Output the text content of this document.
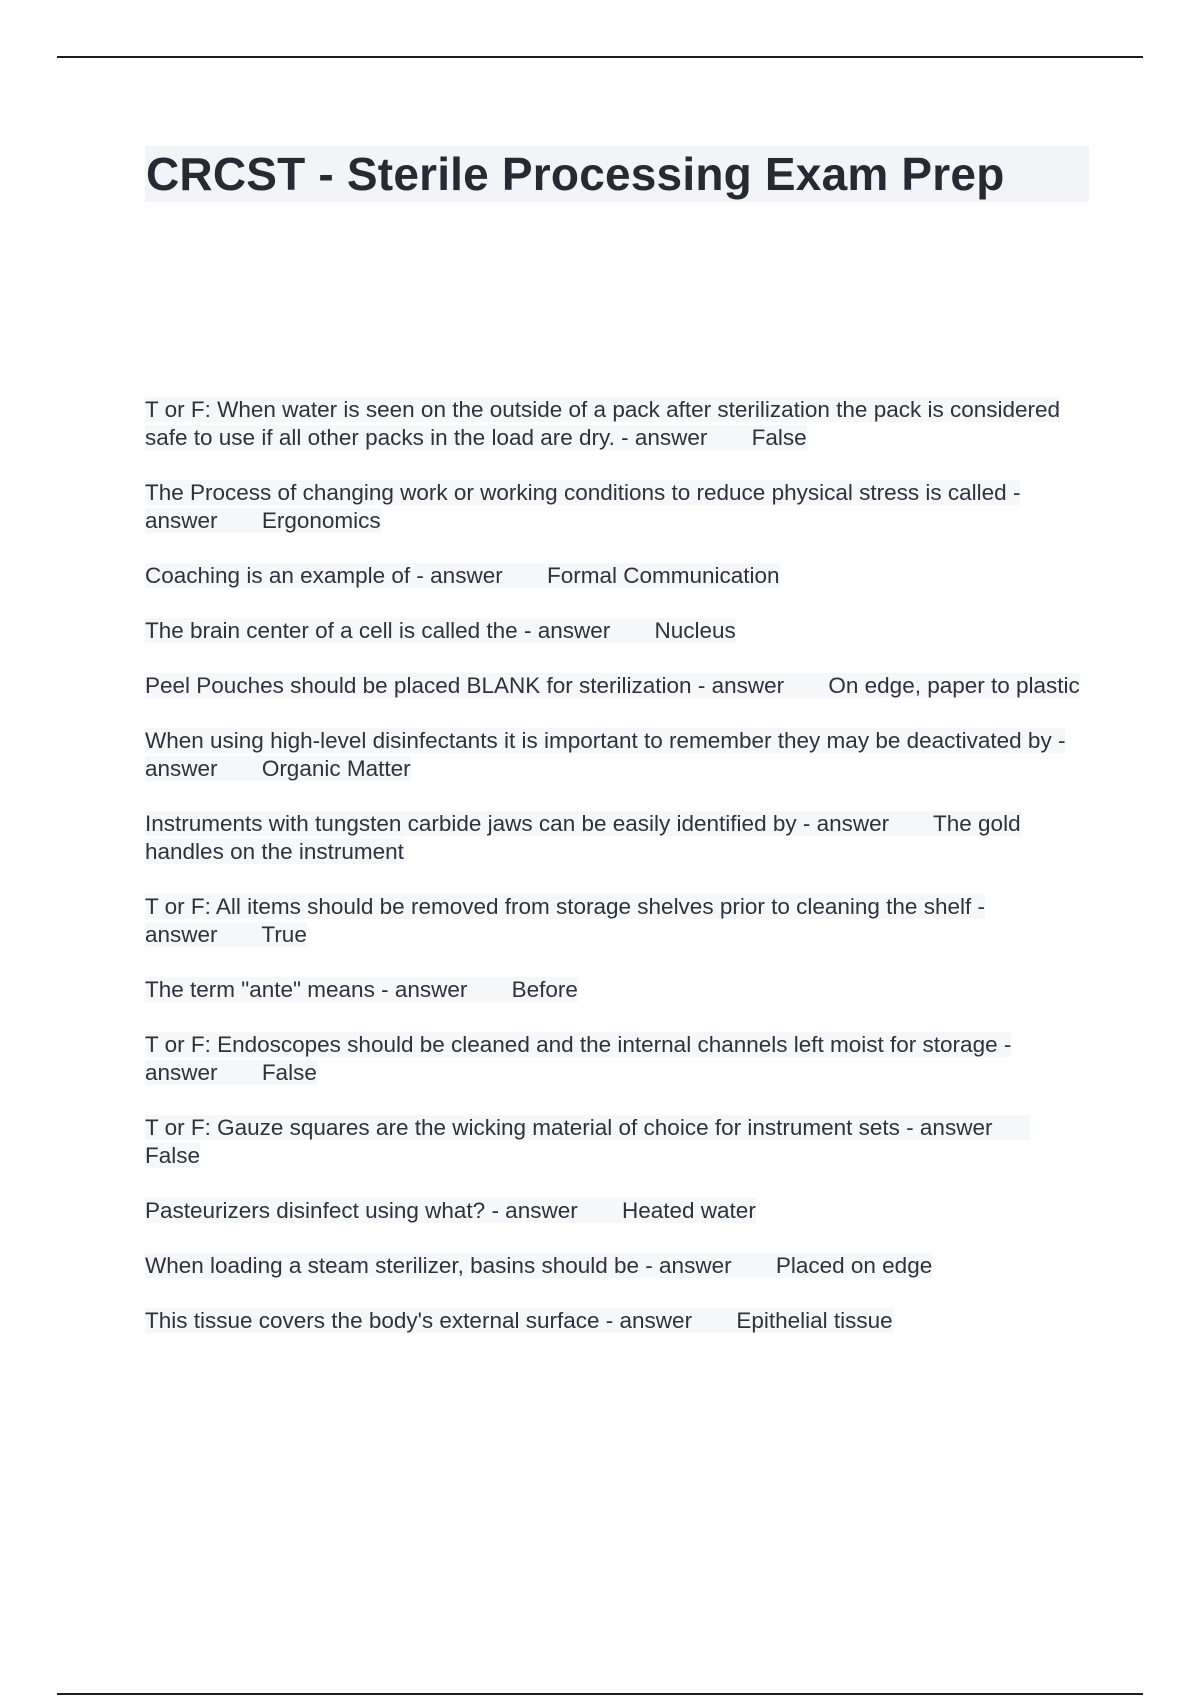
CRCST - Sterile Processing Exam Prep
T or F: When water is seen on the outside of a pack after sterilization the pack is considered safe to use if all other packs in the load are dry. - answer False
The Process of changing work or working conditions to reduce physical stress is called - answer Ergonomics
Coaching is an example of - answer Formal Communication
The brain center of a cell is called the - answer Nucleus
Peel Pouches should be placed BLANK for sterilization - answer On edge, paper to plastic
When using high-level disinfectants it is important to remember they may be deactivated by - answer Organic Matter
Instruments with tungsten carbide jaws can be easily identified by - answer The gold handles on the instrument
T or F: All items should be removed from storage shelves prior to cleaning the shelf - answer True
The term "ante" means - answer Before
T or F: Endoscopes should be cleaned and the internal channels left moist for storage - answer False
T or F: Gauze squares are the wicking material of choice for instrument sets - answer False
Pasteurizers disinfect using what? - answer Heated water
When loading a steam sterilizer, basins should be - answer Placed on edge
This tissue covers the body's external surface - answer Epithelial tissue
